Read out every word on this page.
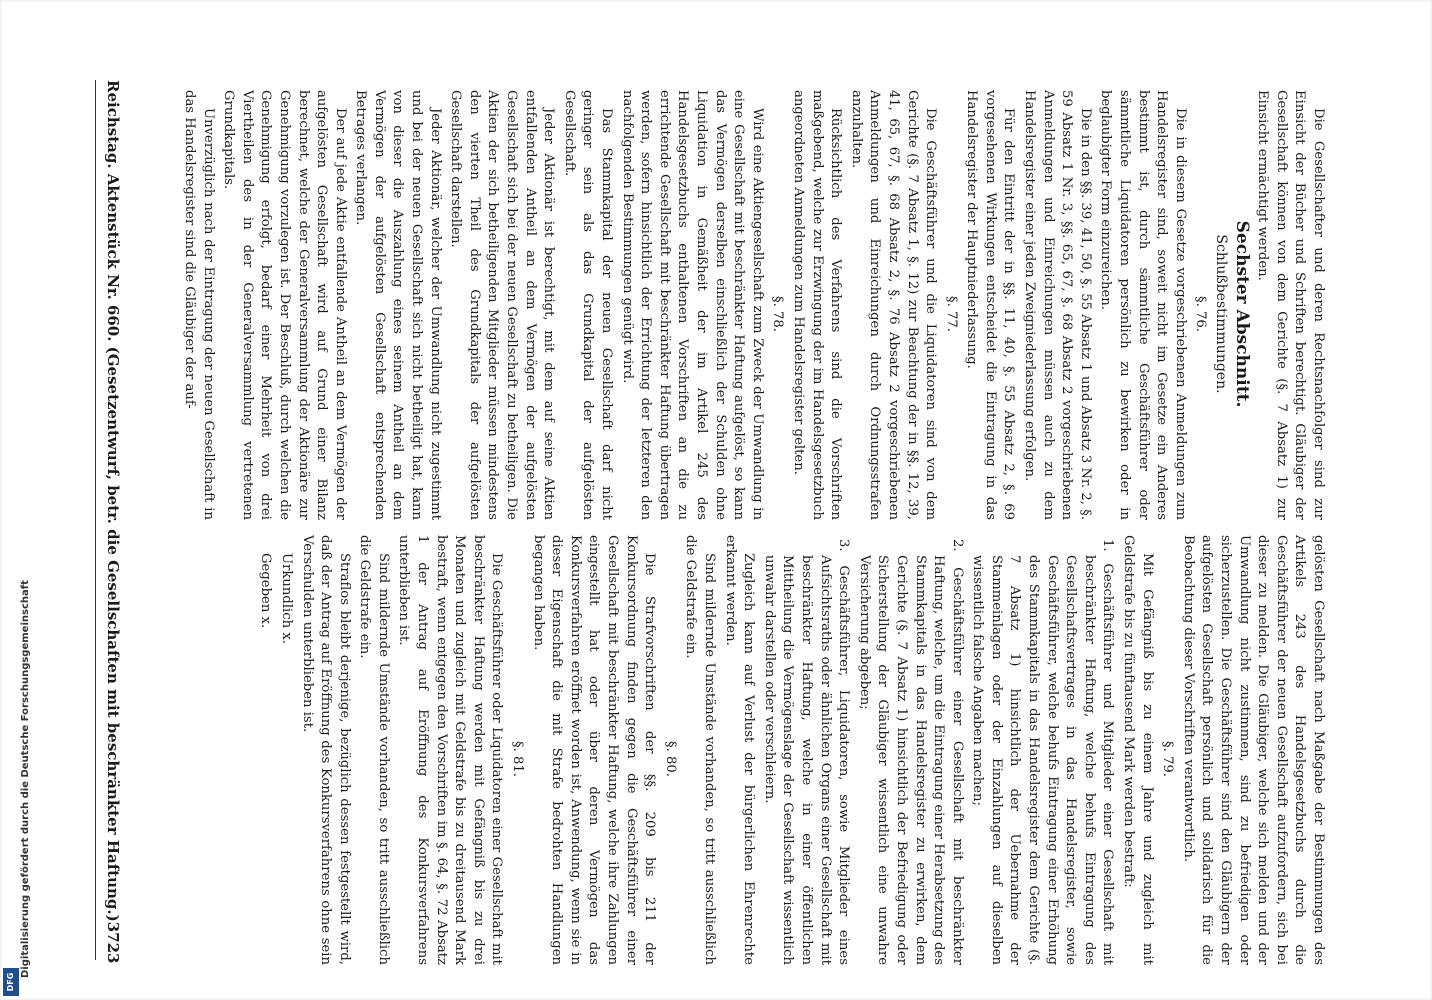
Reichstag. Aktenstück Nr. 660. (Gesetzentwurf, betr. die Gesellschaften mit beschränkter Haftung.)
3723

Die Gesellschafter und deren Rechtsnachfolger sind zur Einsicht der Bücher und Schriften berechtigt. Gläubiger der Gesellschaft können von dem Gerichte (§. 7 Absatz 1) zur Einsicht ermächtigt werden.

Sechster Abschnitt.

Schlußbestimmungen.

§. 76.

Die in diesem Gesetze vorgeschriebenen Anmeldungen zum Handelsregister sind, soweit nicht im Gesetze ein Anderes bestimmt ist, durch sämmtliche Geschäftsführer oder sämmtliche Liquidatoren persönlich zu bewirken oder in beglaubigter Form einzureichen.

Die in den §§. 39, 41, 50, §. 55 Absatz 1 und Absatz 3 Nr. 2, §. 59 Absatz 1 Nr. 3, §§. 65, 67, §. 68 Absatz 2 vorgeschriebenen Anmeldungen und Einreichungen müssen auch zu dem Handelsregister einer jeden Zweigniederlassung erfolgen.

Für den Eintritt der in §§. 11, 40, §. 55 Absatz 2, §. 69 vorgesehenen Wirkungen entscheidet die Eintragung in das Handelsregister der Hauptniederlassung.

§. 77.

Die Geschäftsführer und die Liquidatoren sind von dem Gerichte (§. 7 Absatz 1, §. 12) zur Beachtung der in §§. 12, 39, 41, 65, 67, §. 68 Absatz 2, §. 76 Absatz 2 vorgeschriebenen Anmeldungen und Einreichungen durch Ordnungsstrafen anzuhalten.

Rücksichtlich des Verfahrens sind die Vorschriften maßgebend, welche zur Erzwingung der im Handelsgesetzbuch angeordneten Anmeldungen zum Handelsregister gelten.

§. 78.

Wird eine Aktiengesellschaft zum Zweck der Umwandlung in eine Gesellschaft mit beschränkter Haftung aufgelöst, so kann das Vermögen derselben einschließlich der Schulden ohne Liquidation in Gemäßheit der im Artikel 245 des Handelsgesetzbuchs enthaltenen Vorschriften an die zu errichtende Gesellschaft mit beschränkter Haftung übertragen werden, sofern hinsichtlich der Errichtung der letzteren den nachfolgenden Bestimmungen genügt wird.

Das Stammkapital der neuen Gesellschaft darf nicht geringer sein als das Grundkapital der aufgelösten Gesellschaft.

Jeder Aktionär ist berechtigt, mit dem auf seine Aktien entfallenden Antheil an dem Vermögen der aufgelösten Gesellschaft sich bei der neuen Gesellschaft zu betheiligen. Die Aktien der sich betheiligenden Mitglieder müssen mindestens den vierten Theil des Grundkapitals der aufgelösten Gesellschaft darstellen.

Jeder Aktionär, welcher der Umwandlung nicht zugestimmt und bei der neuen Gesellschaft sich nicht betheiligt hat, kann von dieser die Auszahlung eines seinem Antheil an dem Vermögen der aufgelösten Gesellschaft entsprechenden Betrages verlangen.

Der auf jede Aktie entfallende Antheil an dem Vermögen der aufgelösten Gesellschaft wird auf Grund einer Bilanz berechnet, welche der Generalversammlung der Aktionäre zur Genehmigung vorzulegen ist. Der Beschluß, durch welchen die Genehmigung erfolgt, bedarf einer Mehrheit von drei Viertheilen des in der Generalversammlung vertretenen Grundkapitals.

Unverzüglich nach der Eintragung der neuen Gesellschaft in das Handelsregister sind die Gläubiger der auf-

gelösten Gesellschaft nach Maßgabe der Bestimmungen des Artikels 243 des Handelsgesetzbuchs durch die Geschäftsführer der neuen Gesellschaft aufzufordern, sich bei dieser zu melden. Die Gläubiger, welche sich melden und der Umwandlung nicht zustimmen, sind zu befriedigen oder sicherzustellen. Die Geschäftsführer sind den Gläubigern der aufgelösten Gesellschaft persönlich und solidarisch für die Beobachtung dieser Vorschriften verantwortlich.

§. 79.

Mit Gefängniß bis zu einem Jahre und zugleich mit Geldstrafe bis zu fünftausend Mark werden bestraft:

1. Geschäftsführer und Mitglieder einer Gesellschaft mit beschränkter Haftung, welche behufs Eintragung des Gesellschaftsvertrages in das Handelsregister, sowie Geschäftsführer, welche behufs Eintragung einer Erhöhung des Stammkapitals in das Handelsregister dem Gerichte (§. 7 Absatz 1) hinsichtlich der Uebernahme der Stammeinlagen oder der Einzahlungen auf dieselben wissentlich falsche Angaben machen;

2. Geschäftsführer einer Gesellschaft mit beschränkter Haftung, welche, um die Eintragung einer Herabsetzung des Stammkapitals in das Handelsregister zu erwirken, dem Gerichte (§. 7 Absatz 1) hinsichtlich der Befriedigung oder Sicherstellung der Gläubiger wissentlich eine unwahre Versicherung abgeben;

3. Geschäftsführer, Liquidatoren, sowie Mitglieder eines Aufsichtsraths oder ähnlichen Organs einer Gesellschaft mit beschränkter Haftung, welche in einer öffentlichen Mittheilung die Vermögenslage der Gesellschaft wissentlich unwahr darstellen oder verschleiern.

Zugleich kann auf Verlust der bürgerlichen Ehrenrechte erkannt werden.

Sind mildernde Umstände vorhanden, so tritt ausschließlich die Geldstrafe ein.

§. 80.

Die Strafvorschriften der §§. 209 bis 211 der Konkursordnung finden gegen die Geschäftsführer einer Gesellschaft mit beschränkter Haftung, welche ihre Zahlungen eingestellt hat oder über deren Vermögen das Konkursverfahren eröffnet worden ist, Anwendung, wenn sie in dieser Eigenschaft die mit Strafe bedrohten Handlungen begangen haben.

§. 81.

Die Geschäftsführer oder Liquidatoren einer Gesellschaft mit beschränkter Haftung werden mit Gefängniß bis zu drei Monaten und zugleich mit Geldstrafe bis zu dreitausend Mark bestraft, wenn entgegen den Vorschriften im §. 64, §. 72 Absatz 1 der Antrag auf Eröffnung des Konkursverfahrens unterblieben ist.

Sind mildernde Umstände vorhanden, so tritt ausschließlich die Geldstrafe ein.

Straflos bleibt derjenige, bezüglich dessen festgestellt wird, daß der Antrag auf Eröffnung des Konkursverfahrens ohne sein Verschulden unterblieben ist.

Urkundlich x.

Gegeben x.

Digitalisierung gefördert durch die Deutsche Forschungsgemeinschaft
DFG
